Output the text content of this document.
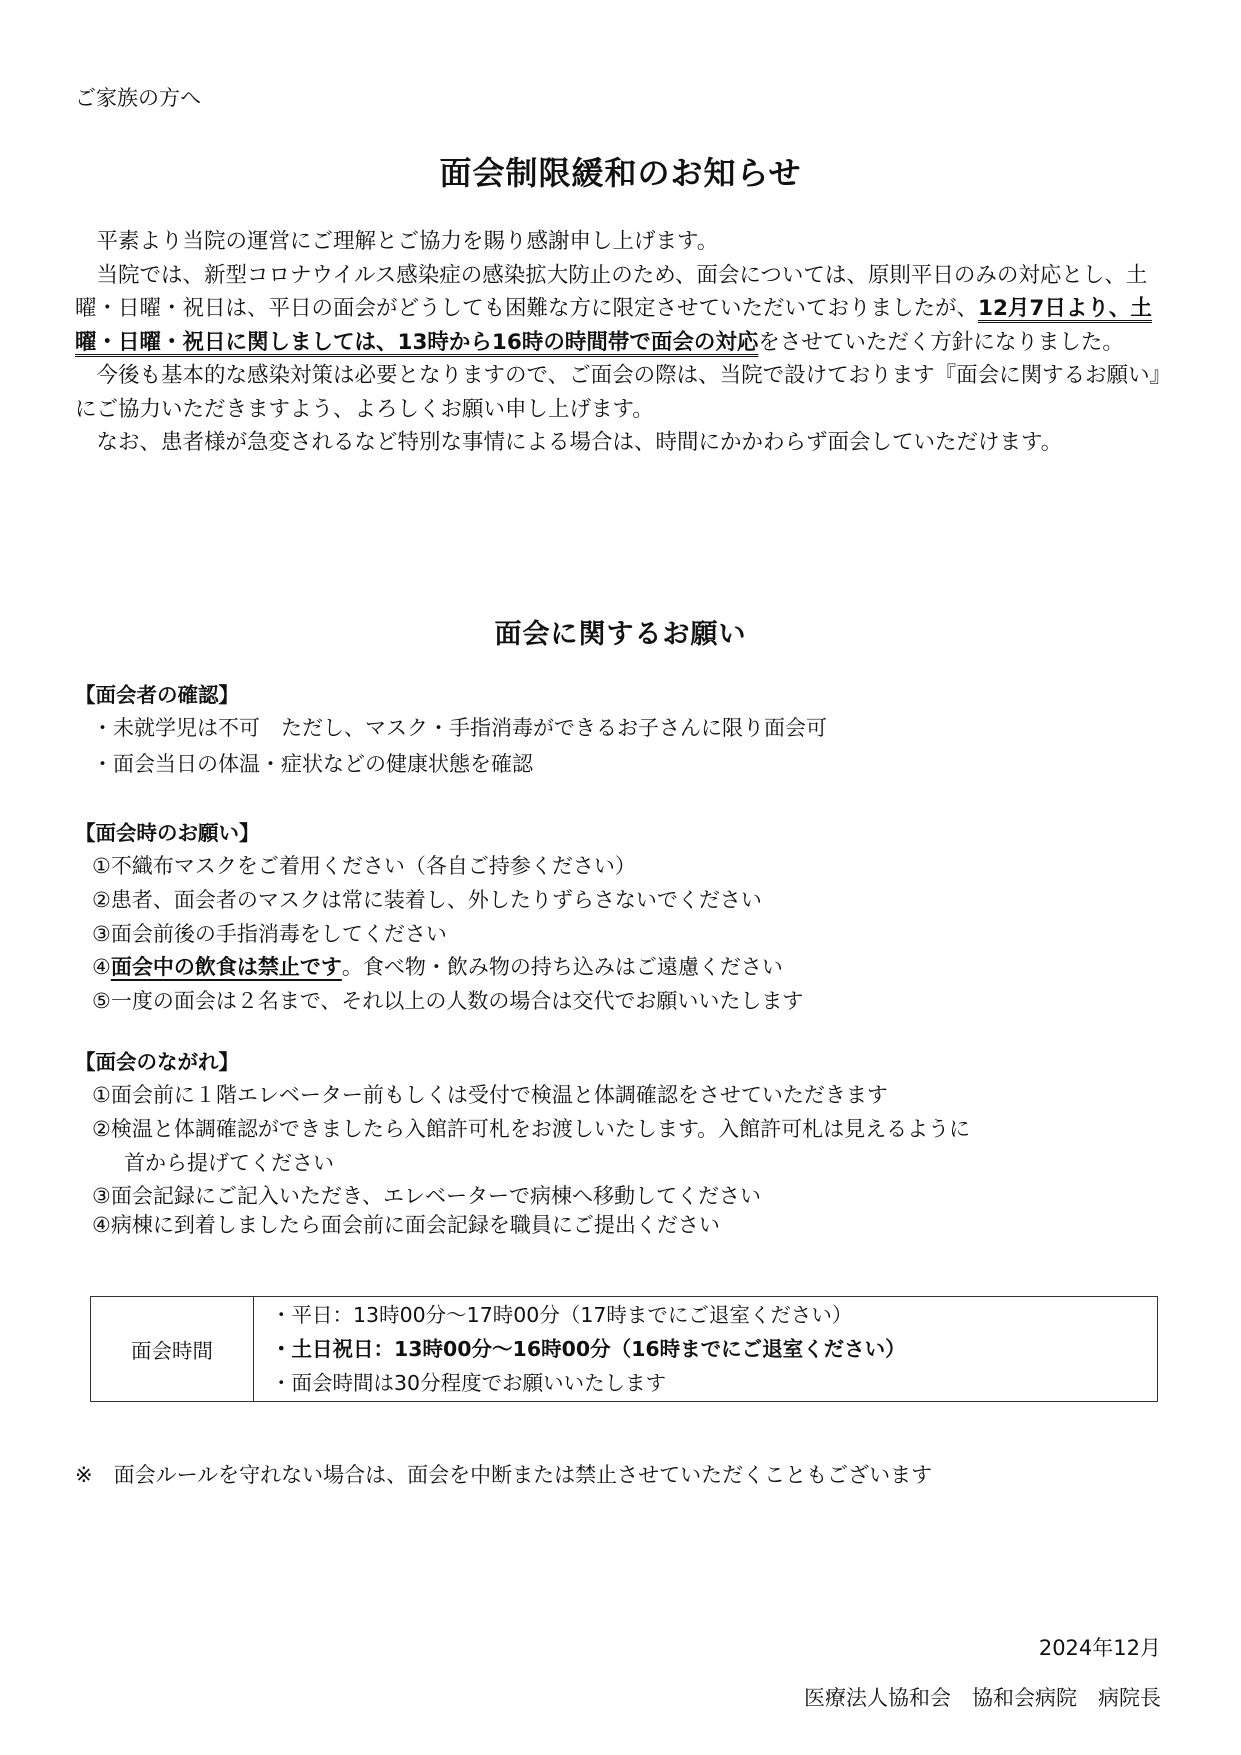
ご家族の方へ
面会制限緩和のお知らせ

平素より当院の運営にご理解とご協力を賜り感謝申し上げます。

当院では、新型コロナウイルス感染症の感染拡大防止のため、面会については、原則平日のみの対応とし、土曜・日曜・祝日は、平日の面会がどうしても困難な方に限定させていただいておりましたが、12月7日より、土曜・日曜・祝日に関しましては、13時から16時の時間帯で面会の対応をさせていただく方針になりました。

今後も基本的な感染対策は必要となりますので、ご面会の際は、当院で設けております『面会に関するお願い』にご協力いただきますよう、よろしくお願い申し上げます。

なお、患者様が急変されるなど特別な事情による場合は、時間にかかわらず面会していただけます。

面会に関するお願い
【面会者の確認】
・未就学児は不可　ただし、マスク・手指消毒ができるお子さんに限り面会可
・面会当日の体温・症状などの健康状態を確認
【面会時のお願い】
①不織布マスクをご着用ください（各自ご持参ください）
②患者、面会者のマスクは常に装着し、外したりずらさないでください
③面会前後の手指消毒をしてください
④面会中の飲食は禁止です。食べ物・飲み物の持ち込みはご遠慮ください
⑤一度の面会は２名まで、それ以上の人数の場合は交代でお願いいたします
【面会のながれ】
①面会前に１階エレベーター前もしくは受付で検温と体調確認をさせていただきます
②検温と体調確認ができましたら入館許可札をお渡しいたします。入館許可札は見えるように
首から提げてください
③面会記録にご記入いただき、エレベーターで病棟へ移動してください
④病棟に到着しましたら面会前に面会記録を職員にご提出ください
面会時間	
・平日：13時00分～17時00分（17時までにご退室ください）
・土日祝日：13時00分～16時00分（16時までにご退室ください）
・面会時間は30分程度でお願いいたします
※　面会ルールを守れない場合は、面会を中断または禁止させていただくこともございます
2024年12月
医療法人協和会　協和会病院　病院長
